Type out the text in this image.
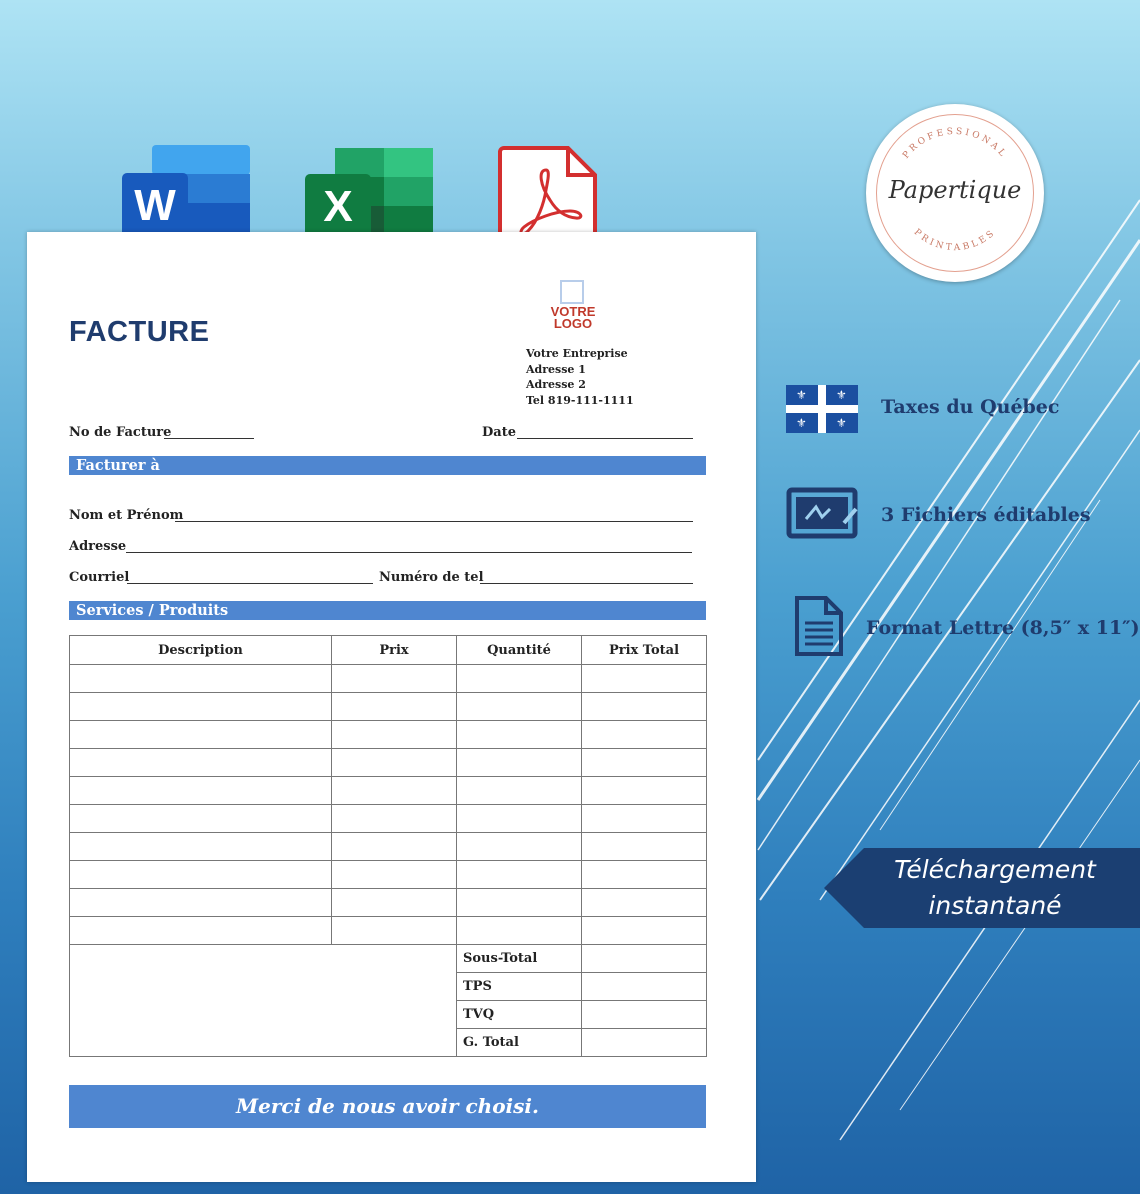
W	X
FACTURE
VOTRE
LOGO
Votre Entreprise
Adresse 1
Adresse 2
Tel 819-111-1111
No de Facture	Date
Facturer à
Nom et Prénom
Adresse
Courriel	Numéro de tel
Services / Produits
Description	Prix	Quantité	Prix Total

		Sous-Total	
		TPS	
		TVQ	
		G. Total	
Merci de nous avoir choisi.
PROFESSIONAL
PRINTABLES
Papertique
⚜ ⚜
⚜ ⚜
Taxes du Québec
3 Fichiers éditables
Format Lettre (8,5″ x 11″)
Téléchargement
instantané
